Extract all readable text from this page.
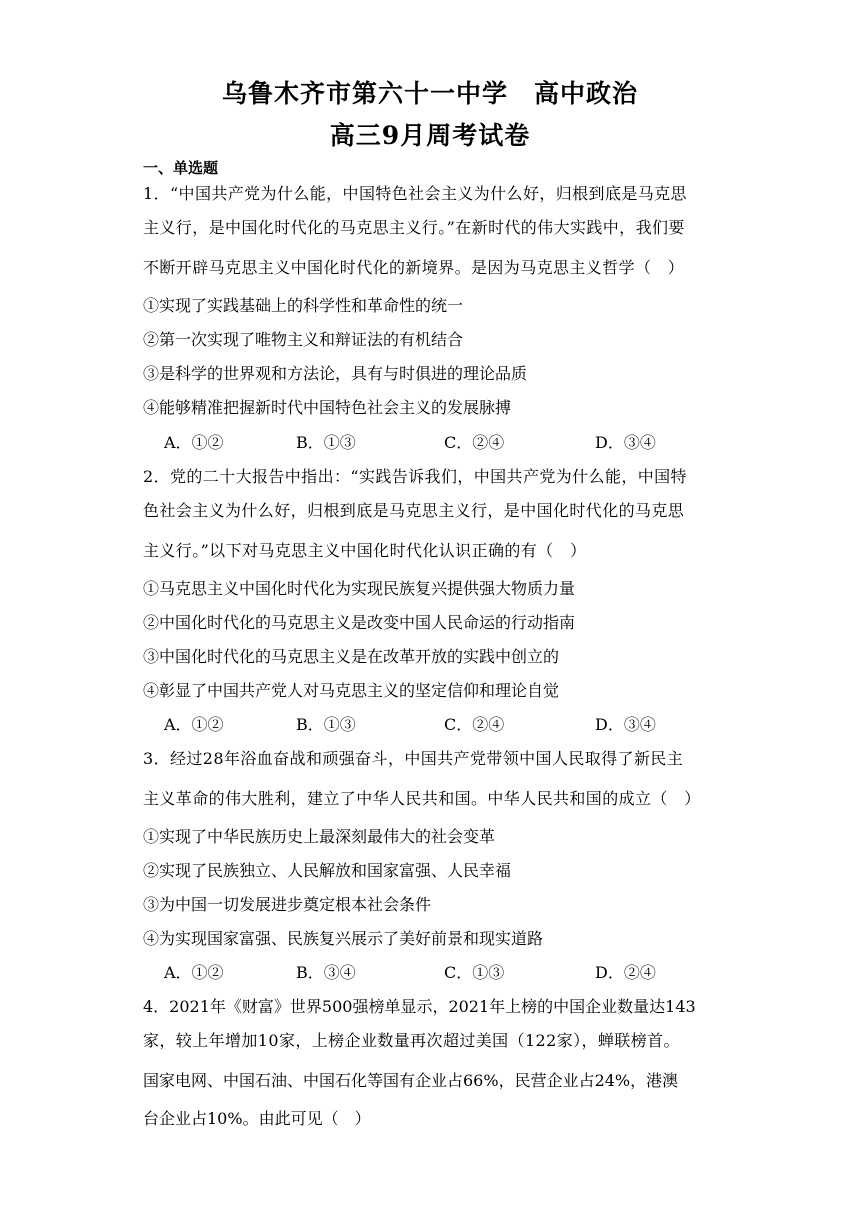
乌鲁木齐市第六十一中学　高中政治
高三9月周考试卷
一、单选题
1．“中国共产党为什么能，中国特色社会主义为什么好，归根到底是马克思
主义行，是中国化时代化的马克思主义行。”在新时代的伟大实践中，我们要
不断开辟马克思主义中国化时代化的新境界。是因为马克思主义哲学（　）
①实现了实践基础上的科学性和革命性的统一
②第一次实现了唯物主义和辩证法的有机结合
③是科学的世界观和方法论，具有与时俱进的理论品质
④能够精准把握新时代中国特色社会主义的发展脉搏
A．①②	B．①③	C．②④	D．③④
2．党的二十大报告中指出：“实践告诉我们，中国共产党为什么能，中国特
色社会主义为什么好，归根到底是马克思主义行，是中国化时代化的马克思
主义行。”以下对马克思主义中国化时代化认识正确的有（　）
①马克思主义中国化时代化为实现民族复兴提供强大物质力量
②中国化时代化的马克思主义是改变中国人民命运的行动指南
③中国化时代化的马克思主义是在改革开放的实践中创立的
④彰显了中国共产党人对马克思主义的坚定信仰和理论自觉
A．①②	B．①③	C．②④	D．③④
3．经过28年浴血奋战和顽强奋斗，中国共产党带领中国人民取得了新民主
主义革命的伟大胜利，建立了中华人民共和国。中华人民共和国的成立（　）
①实现了中华民族历史上最深刻最伟大的社会变革
②实现了民族独立、人民解放和国家富强、人民幸福
③为中国一切发展进步奠定根本社会条件
④为实现国家富强、民族复兴展示了美好前景和现实道路
A．①②	B．③④	C．①③	D．②④
4．2021年《财富》世界500强榜单显示，2021年上榜的中国企业数量达143
家，较上年增加10家，上榜企业数量再次超过美国（122家），蝉联榜首。
国家电网、中国石油、中国石化等国有企业占66%，民营企业占24%，港澳
台企业占10%。由此可见（　）
